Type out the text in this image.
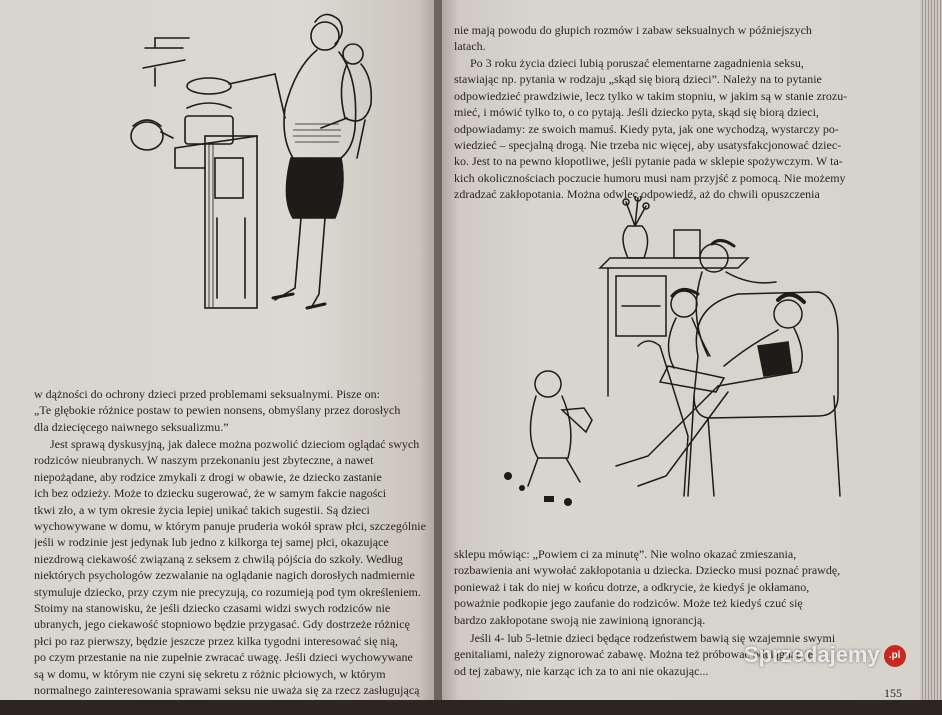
w dążności do ochrony dzieci przed problemami seksualnymi. Pisze on:
„Te głębokie różnice postaw to pewien nonsens, obmyślany przez dorosłych
dla dziecięcego naiwnego seksualizmu.”
Jest sprawą dyskusyjną, jak dalece można pozwolić dzieciom oglądać swych
rodziców nieubranych. W naszym przekonaniu jest zbyteczne, a nawet
niepożądane, aby rodzice zmykali z drogi w obawie, że dziecko zastanie
ich bez odzieży. Może to dziecku sugerować, że w samym fakcie nagości
tkwi zło, a w tym okresie życia lepiej unikać takich sugestii. Są dzieci
wychowywane w domu, w którym panuje pruderia wokół spraw płci, szczególnie
jeśli w rodzinie jest jedynak lub jedno z kilkorga tej samej płci, okazujące
niezdrową ciekawość związaną z seksem z chwilą pójścia do szkoły. Według
niektórych psychologów zezwalanie na oglądanie nagich dorosłych nadmiernie
stymuluje dziecko, przy czym nie precyzują, co rozumieją pod tym określeniem.
Stoimy na stanowisku, że jeśli dziecko czasami widzi swych rodziców nie
ubranych, jego ciekawość stopniowo będzie przygasać. Gdy dostrzeże różnicę
płci po raz pierwszy, będzie jeszcze przez kilka tygodni interesować się nią,
po czym przestanie na nie zupełnie zwracać uwagę. Jeśli dzieci wychowywane
są w domu, w którym nie czyni się sekretu z różnic płciowych, w którym
normalnego zainteresowania sprawami seksu nie uważa się za rzecz zasługującą
na potępienie, a sprawy płci traktowane są rzetelnie i z poczuciem taktu,
nie mają powodu do głupich rozmów i zabaw seksualnych w późniejszych
latach.
Po 3 roku życia dzieci lubią poruszać elementarne zagadnienia seksu,
stawiając np. pytania w rodzaju „skąd się biorą dzieci”. Należy na to pytanie
odpowiedzieć prawdziwie, lecz tylko w takim stopniu, w jakim są w stanie zrozu-
mieć, i mówić tylko to, o co pytają. Jeśli dziecko pyta, skąd się biorą dzieci,
odpowiadamy: ze swoich mamuś. Kiedy pyta, jak one wychodzą, wystarczy po-
wiedzieć – specjalną drogą. Nie trzeba nic więcej, aby usatysfakcjonować dziec-
ko. Jest to na pewno kłopotliwe, jeśli pytanie pada w sklepie spożywczym. W ta-
kich okolicznościach poczucie humoru musi nam przyjść z pomocą. Nie możemy
zdradzać zakłopotania. Można odwlec odpowiedź, aż do chwili opuszczenia
sklepu mówiąc: „Powiem ci za minutę”. Nie wolno okazać zmieszania,
rozbawienia ani wywołać zakłopotania u dziecka. Dziecko musi poznać prawdę,
ponieważ i tak do niej w końcu dotrze, a odkrycie, że kiedyś je okłamano,
poważnie podkopie jego zaufanie do rodziców. Może też kiedyś czuć się
bardzo zakłopotane swoją nie zawinioną ignorancją.
Jeśli 4- lub 5-letnie dzieci będące rodzeństwem bawią się wzajemnie swymi
genitaliami, należy zignorować zabawę. Można też próbować odciągnąć je
od tej zabawy, nie karząc ich za to ani nie okazując...
155
Sprzedajemy .pl
